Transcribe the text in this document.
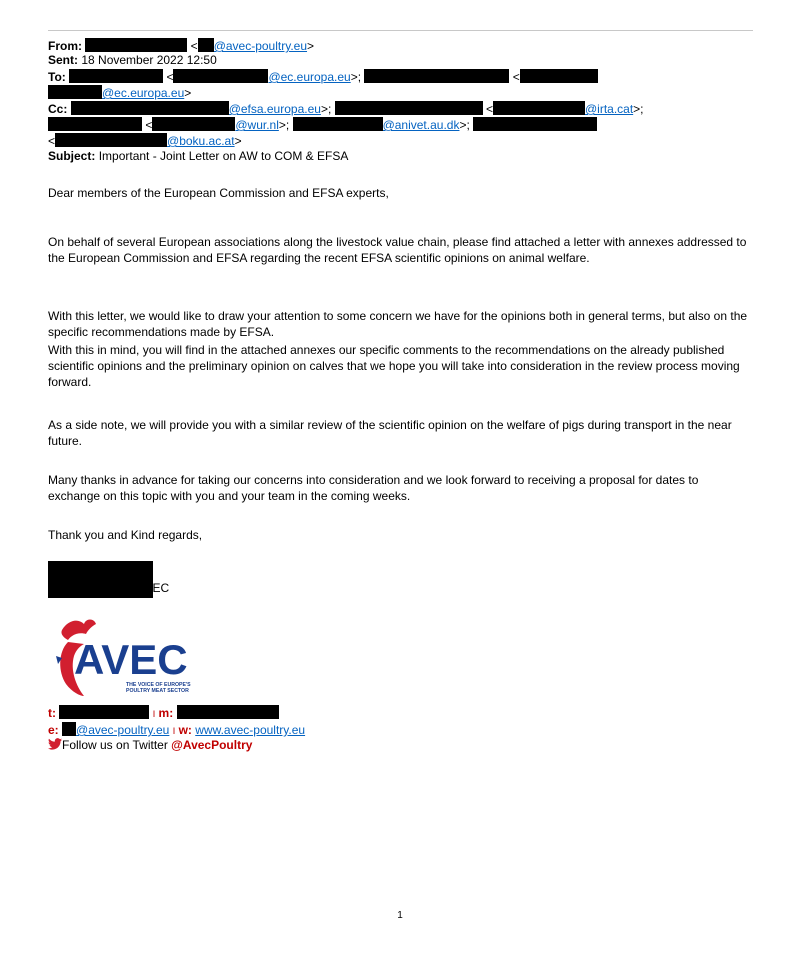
From:	< @avec-poultry.eu>
Sent: 18 November 2022 12:50
To:	<	@ec.europa.eu>;	<
@ec.europa.eu>
Cc:	@efsa.europa.eu>;	<	@irta.cat>;
<	@wur.nl>;	@anivet.au.dk>;
<	@boku.ac.at>
Subject: Important - Joint Letter on AW to COM & EFSA

Dear members of the European Commission and EFSA experts,

On behalf of several European associations along the livestock value chain, please find attached a letter with annexes addressed to the European Commission and EFSA regarding the recent EFSA scientific opinions on animal welfare.

With this letter, we would like to draw your attention to some concern we have for the opinions both in general terms, but also on the specific recommendations made by EFSA.

With this in mind, you will find in the attached annexes our specific comments to the recommendations on the already published scientific opinions and the preliminary opinion on calves that we hope you will take into consideration in the review process moving forward.

As a side note, we will provide you with a similar review of the scientific opinion on the welfare of pigs during transport in the near future.

Many thanks in advance for taking our concerns into consideration and we look forward to receiving a proposal for dates to exchange on this topic with you and your team in the coming weeks.

Thank you and Kind regards,

IAVEC
AVEC
THE VOICE OF EUROPE'S
POULTRY MEAT SECTOR
t:	I m:
e: @avec-poultry.eu I w: www.avec-poultry.eu
Follow us on Twitter @AvecPoultry
1
